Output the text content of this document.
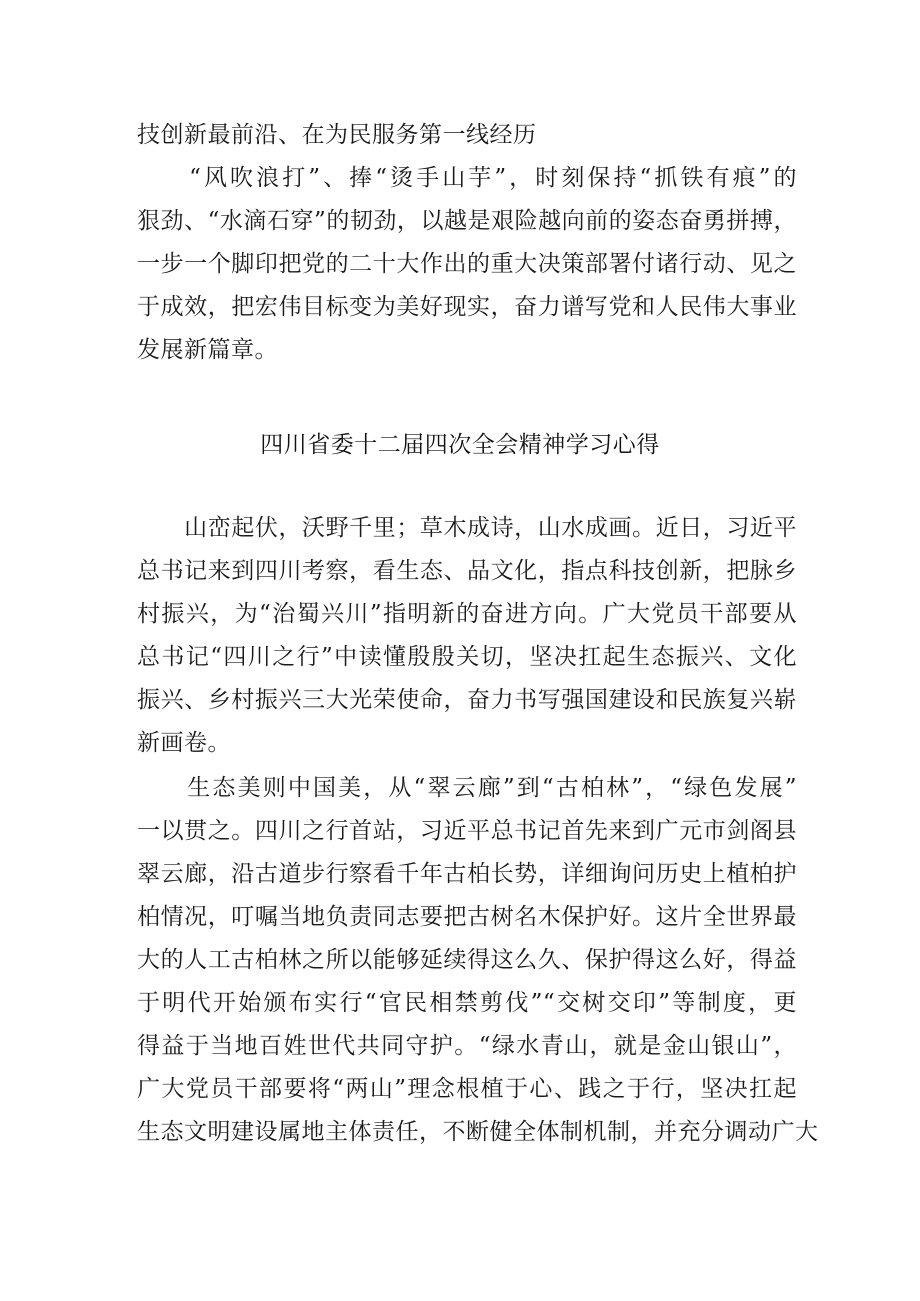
技创新最前沿、在为民服务第一线经历
　　“风吹浪打”、捧“烫手山芋”，时刻保持“抓铁有痕”的
狠劲、“水滴石穿”的韧劲，以越是艰险越向前的姿态奋勇拼搏，
一步一个脚印把党的二十大作出的重大决策部署付诸行动、见之
于成效，把宏伟目标变为美好现实，奋力谱写党和人民伟大事业
发展新篇章。
四川省委十二届四次全会精神学习心得
　　山峦起伏，沃野千里；草木成诗，山水成画。近日，习近平
总书记来到四川考察，看生态、品文化，指点科技创新，把脉乡
村振兴，为“治蜀兴川”指明新的奋进方向。广大党员干部要从
总书记“四川之行”中读懂殷殷关切，坚决扛起生态振兴、文化
振兴、乡村振兴三大光荣使命，奋力书写强国建设和民族复兴崭
新画卷。
　　生态美则中国美，从“翠云廊”到“古柏林”，“绿色发展”
一以贯之。四川之行首站，习近平总书记首先来到广元市剑阁县
翠云廊，沿古道步行察看千年古柏长势，详细询问历史上植柏护
柏情况，叮嘱当地负责同志要把古树名木保护好。这片全世界最
大的人工古柏林之所以能够延续得这么久、保护得这么好，得益
于明代开始颁布实行“官民相禁剪伐”“交树交印”等制度，更
得益于当地百姓世代共同守护。“绿水青山，就是金山银山”，
广大党员干部要将“两山”理念根植于心、践之于行，坚决扛起
生态文明建设属地主体责任，不断健全体制机制，并充分调动广大
